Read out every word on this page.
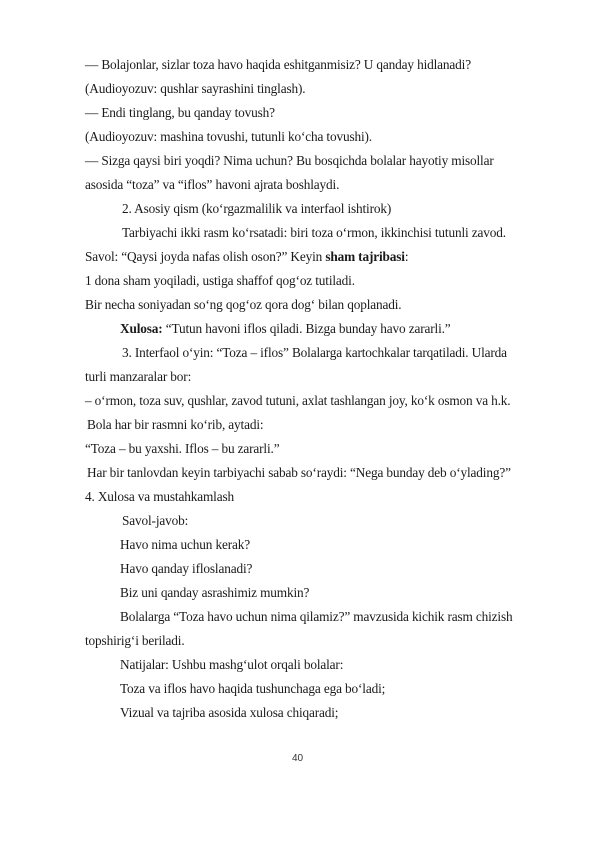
— Bolajonlar, sizlar toza havo haqida eshitganmisiz? U qanday hidlanadi?
(Audioyozuv: qushlar sayrashini tinglash).
— Endi tinglang, bu qanday tovush?
(Audioyozuv: mashina tovushi, tutunli ko‘cha tovushi).
— Sizga qaysi biri yoqdi? Nima uchun? Bu bosqichda bolalar hayotiy misollar
asosida “toza” va “iflos” havoni ajrata boshlaydi.
2. Asosiy qism (ko‘rgazmalilik va interfaol ishtirok)
Tarbiyachi ikki rasm ko‘rsatadi: biri toza o‘rmon, ikkinchisi tutunli zavod.
Savol: “Qaysi joyda nafas olish oson?” Keyin sham tajribasi:
1 dona sham yoqiladi, ustiga shaffof qog‘oz tutiladi.
Bir necha soniyadan so‘ng qog‘oz qora dog‘ bilan qoplanadi.
Xulosa: “Tutun havoni iflos qiladi. Bizga bunday havo zararli.”
3. Interfaol o‘yin: “Toza – iflos” Bolalarga kartochkalar tarqatiladi. Ularda
turli manzaralar bor:
– o‘rmon, toza suv, qushlar, zavod tutuni, axlat tashlangan joy, ko‘k osmon va h.k.
Bola har bir rasmni ko‘rib, aytadi:
“Toza – bu yaxshi. Iflos – bu zararli.”
Har bir tanlovdan keyin tarbiyachi sabab so‘raydi: “Nega bunday deb o‘ylading?”
4. Xulosa va mustahkamlash
Savol-javob:
Havo nima uchun kerak?
Havo qanday ifloslanadi?
Biz uni qanday asrashimiz mumkin?
Bolalarga “Toza havo uchun nima qilamiz?” mavzusida kichik rasm chizish
topshirig‘i beriladi.
Natijalar: Ushbu mashg‘ulot orqali bolalar:
Toza va iflos havo haqida tushunchaga ega bo‘ladi;
Vizual va tajriba asosida xulosa chiqaradi;
40
